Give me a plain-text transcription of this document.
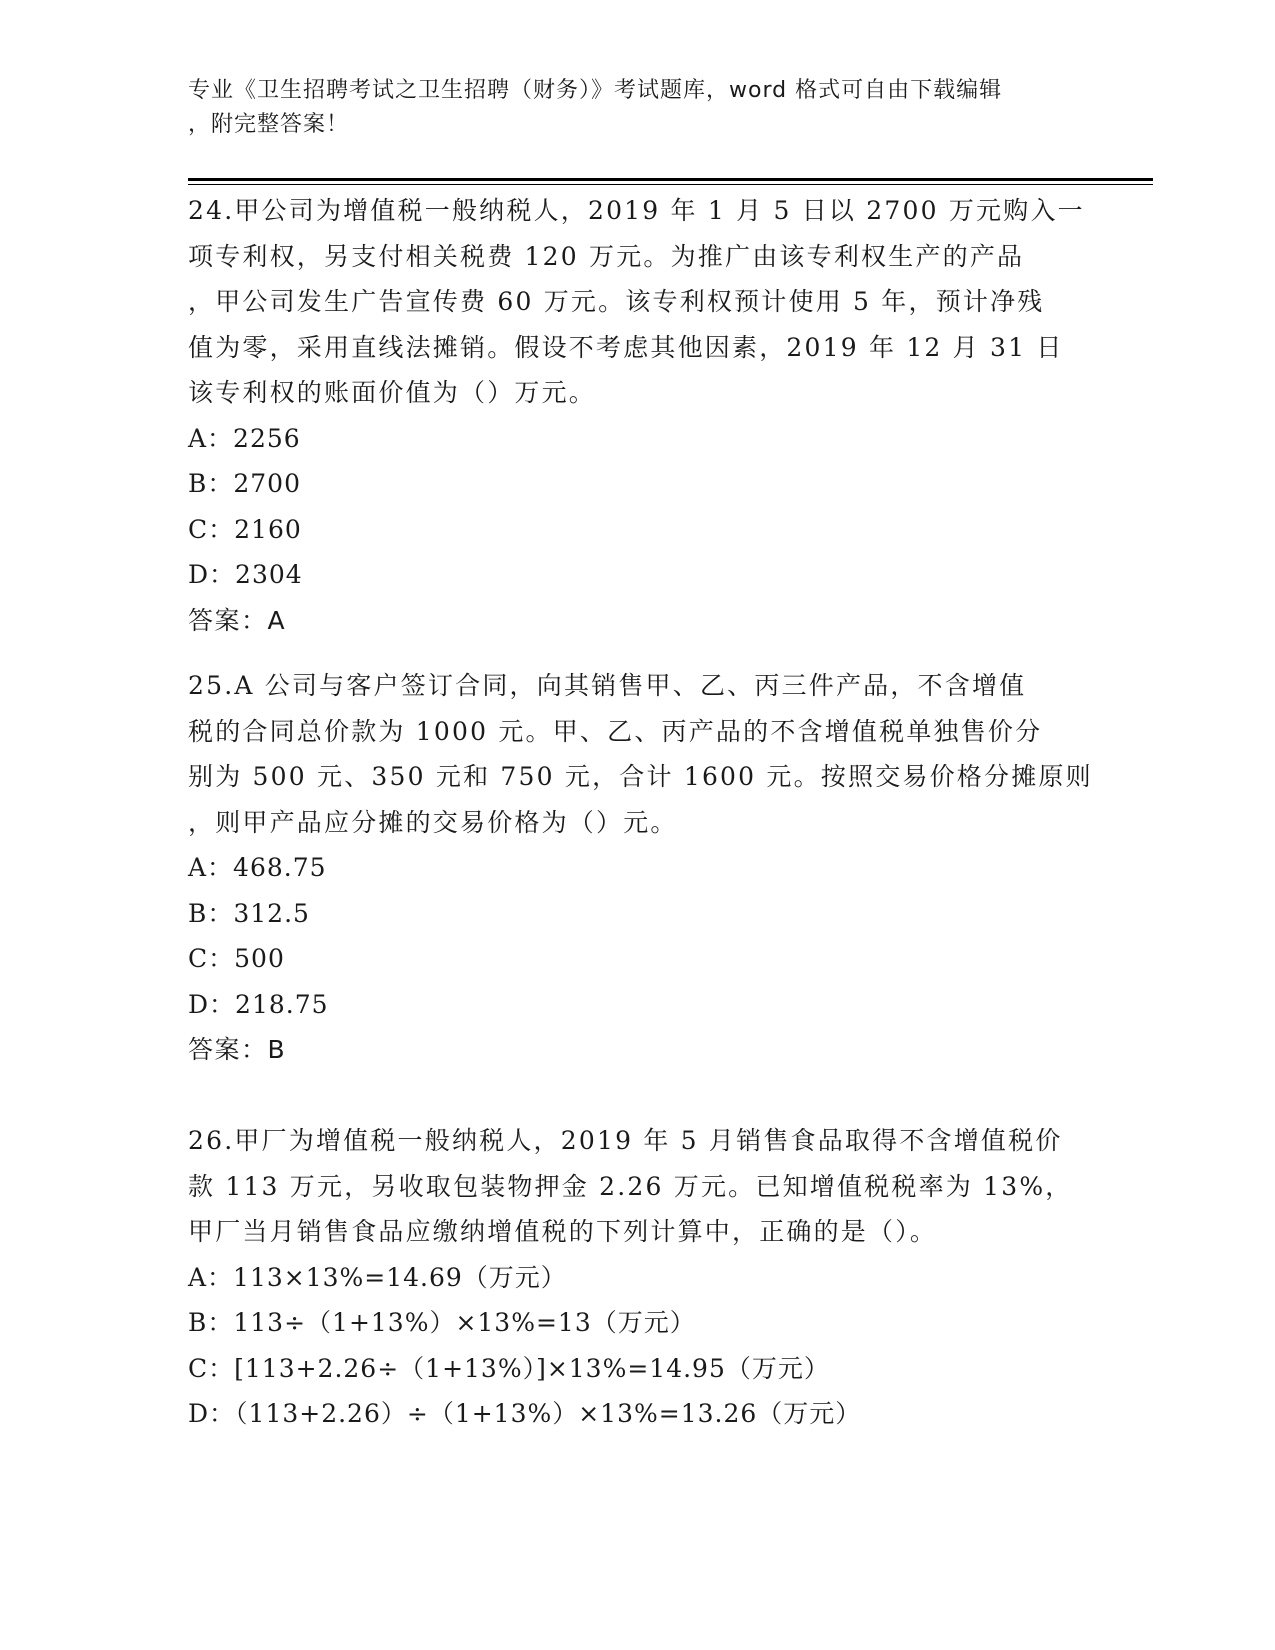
专业《卫生招聘考试之卫生招聘（财务）》考试题库，word 格式可自由下载编辑
，附完整答案！
24.甲公司为增值税一般纳税人，2019 年 1 月 5 日以 2700 万元购入一
项专利权，另支付相关税费 120 万元。为推广由该专利权生产的产品
，甲公司发生广告宣传费 60 万元。该专利权预计使用 5 年，预计净残
值为零，采用直线法摊销。假设不考虑其他因素，2019 年 12 月 31 日
该专利权的账面价值为（）万元。
A：2256
B：2700
C：2160
D：2304
答案：A
25.A 公司与客户签订合同，向其销售甲、乙、丙三件产品，不含增值
税的合同总价款为 1000 元。甲、乙、丙产品的不含增值税单独售价分
别为 500 元、350 元和 750 元，合计 1600 元。按照交易价格分摊原则
，则甲产品应分摊的交易价格为（）元。
A：468.75
B：312.5
C：500
D：218.75
答案：B
26.甲厂为增值税一般纳税人，2019 年 5 月销售食品取得不含增值税价
款 113 万元，另收取包装物押金 2.26 万元。已知增值税税率为 13%，
甲厂当月销售食品应缴纳增值税的下列计算中，正确的是（）。
A：113×13%=14.69（万元）
B：113÷（1+13%）×13%=13（万元）
C：[113+2.26÷（1+13%）]×13%=14.95（万元）
D：（113+2.26）÷（1+13%）×13%=13.26（万元）
